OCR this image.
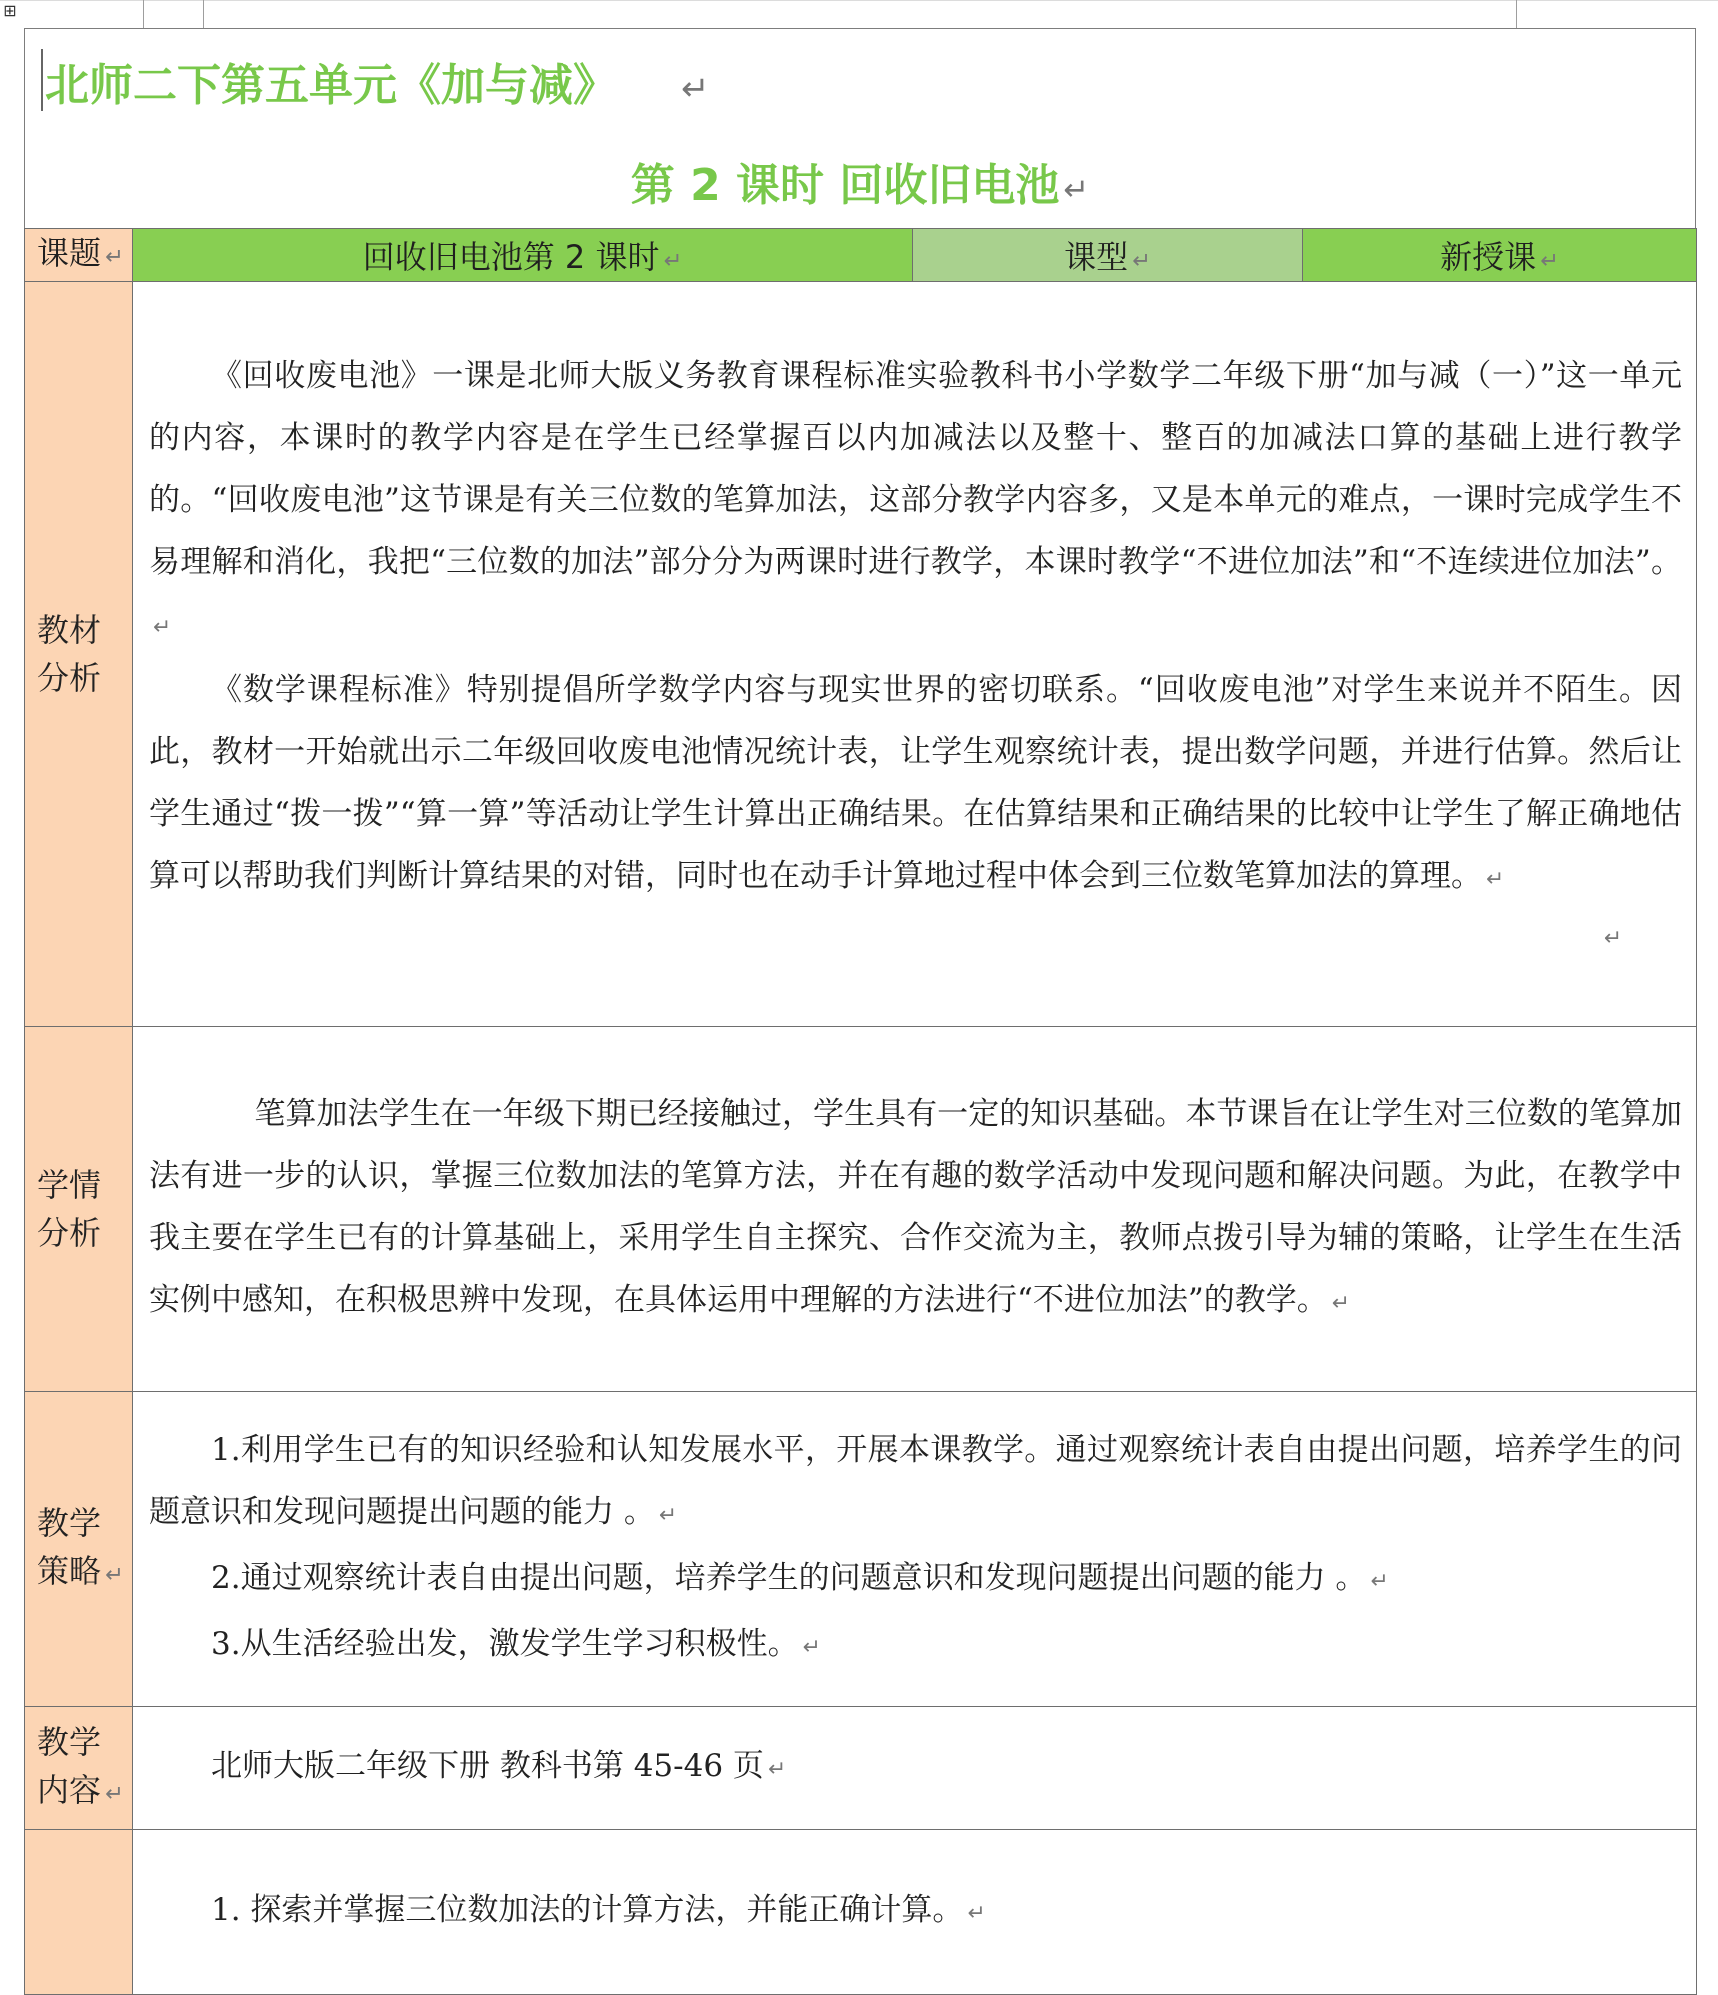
⊞
北师二下第五单元《加与减》 ↵
第 2 课时 回收旧电池 ↵
课题 ↵	回收旧电池第 2 课时 ↵	课型 ↵	新授课 ↵
教材分析	《回收废电池》一课是北师大版义务教育课程标准实验教科书小学数学二年级下册“加与减（一）”这一单元的内容，本课时的教学内容是在学生已经掌握百以内加减法以及整十、整百的加减法口算的基础上进行教学的。“回收废电池”这节课是有关三位数的笔算加法，这部分教学内容多，又是本单元的难点，一课时完成学生不易理解和消化，我把“三位数的加法”部分分为两课时进行教学，本课时教学“不进位加法”和“不连续进位加法”。↵

《数学课程标准》特别提倡所学数学内容与现实世界的密切联系。“回收废电池”对学生来说并不陌生。因此，教材一开始就出示二年级回收废电池情况统计表，让学生观察统计表，提出数学问题，并进行估算。然后让学生通过“拨一拨”“算一算”等活动让学生计算出正确结果。在估算结果和正确结果的比较中让学生了解正确地估算可以帮助我们判断计算结果的对错，同时也在动手计算地过程中体会到三位数笔算加法的算理。 ↵

↵		

学情分析	笔算加法学生在一年级下期已经接触过，学生具有一定的知识基础。本节课旨在让学生对三位数的笔算加法有进一步的认识，掌握三位数加法的笔算方法，并在有趣的数学活动中发现问题和解决问题。为此，在教学中我主要在学生已有的计算基础上，采用学生自主探究、合作交流为主，教师点拨引导为辅的策略，让学生在生活实例中感知，在积极思辨中发现，在具体运用中理解的方法进行“不进位加法”的教学。 ↵		

教学策略 ↵	1.利用学生已有的知识经验和认知发展水平，开展本课教学。通过观察统计表自由提出问题，培养学生的问题意识和发现问题提出问题的能力 。 ↵

2.通过观察统计表自由提出问题，培养学生的问题意识和发现问题提出问题的能力 。 ↵

3.从生活经验出发，激发学生学习积极性。 ↵		

教学内容 ↵	北师大版二年级下册 教科书第 45-46 页 ↵		

	1. 探索并掌握三位数加法的计算方法，并能正确计算。 ↵		
